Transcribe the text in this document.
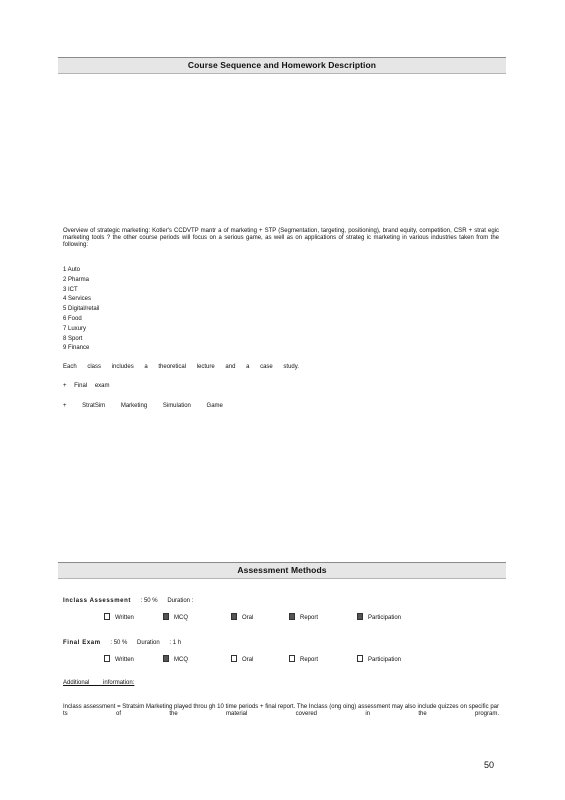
Course Sequence and Homework Description
Overview of strategic marketing: Kotler's CCDVTP mantr a of marketing + STP (Segmentation, targeting, positioning), brand equity, competition, CSR + strat egic marketing tools ? the other course periods will focus on a serious game, as well as on applications of strateg ic marketing in various industries taken from the following:
1 Auto
2 Pharma
3 ICT
4 Services
5 Digital/retail
6 Food
7 Luxury
8 Sport
9 Finance
Each class includes a theoretical lecture and a case study.
+ Final exam
+ StratSim Marketing Simulation Game
Assessment Methods
Inclass Assessment : 50 % Duration :
Written	MCQ	Oral	Report	Participation
Final Exam : 50 % Duration : 1 h
Written	MCQ	Oral	Report	Participation
Additional information:
Inclass assessment = Stratsim Marketing played throu gh 10 time periods + final report. The Inclass (ong oing) assessment may also include quizzes on specific par ts of the material covered in the program.
50
